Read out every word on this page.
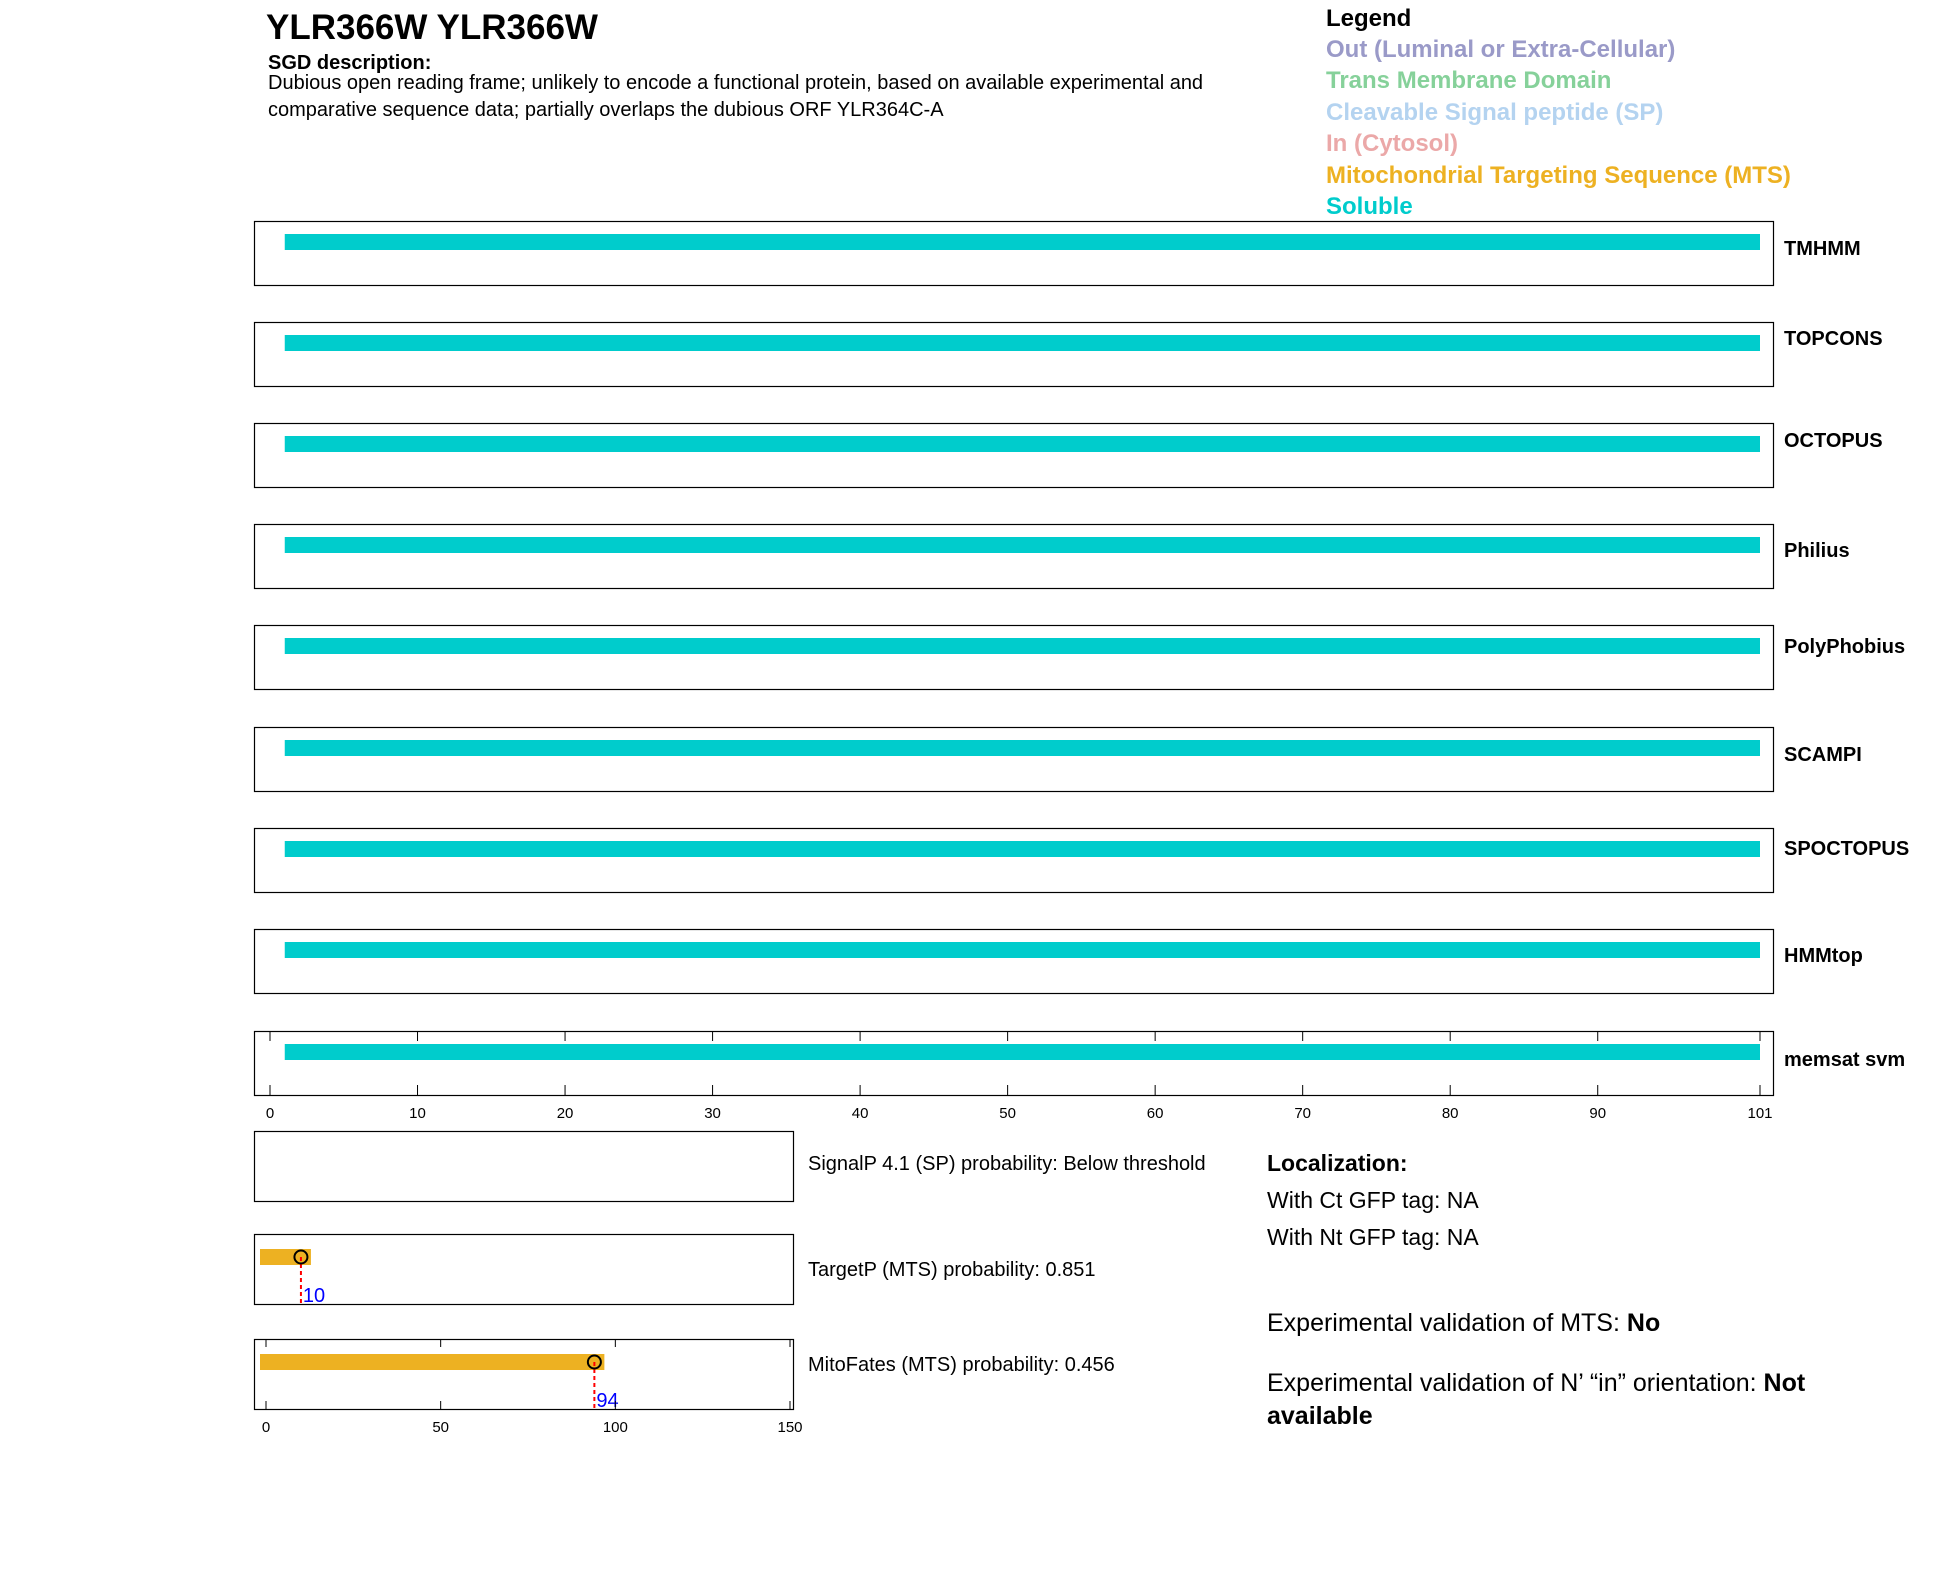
YLR366W YLR366W
SGD description:
Dubious open reading frame; unlikely to encode a functional protein, based on available experimental and comparative sequence data; partially overlaps the dubious ORF YLR364C-A
Legend
Out (Luminal or Extra-Cellular)
Trans Membrane Domain
Cleavable Signal peptide (SP)
In (Cytosol)
Mitochondrial Targeting Sequence (MTS)
Soluble
TMHMM
TOPCONS
OCTOPUS
Philius
PolyPhobius
SCAMPI
SPOCTOPUS
HMMtop
memsat svm
0	10	20	30	40	50	60	70	80	90	101
10
94
0	50	100	150
SignalP 4.1 (SP) probability: Below threshold
TargetP (MTS) probability: 0.851
MitoFates (MTS) probability: 0.456
Localization:
With Ct GFP tag: NA
With Nt GFP tag: NA
Experimental validation of MTS: No
Experimental validation of N’ “in” orientation: Not available
